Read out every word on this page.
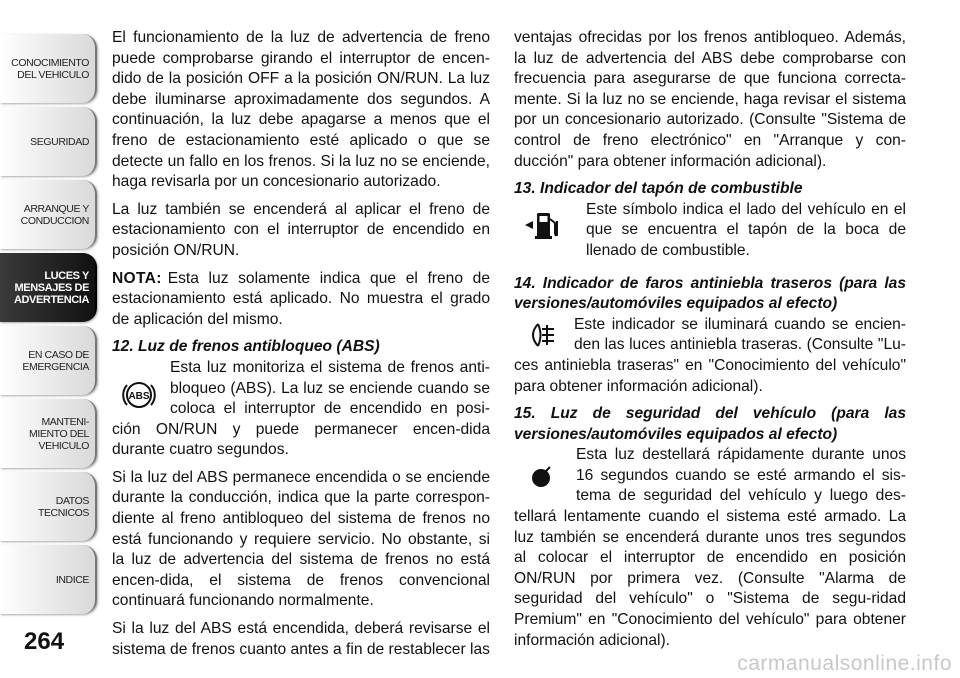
CONOCIMIENTO
DEL VEHICULO
SEGURIDAD
ARRANQUE Y
CONDUCCION
LUCES Y
MENSAJES DE
ADVERTENCIA
EN CASO DE
EMERGENCIA
MANTENI-
MIENTO DEL
VEHICULO
DATOS
TECNICOS
INDICE
264

El funcionamiento de la luz de advertencia de freno puede comprobarse girando el interruptor de encen-dido de la posición OFF a la posición ON/RUN. La luz debe iluminarse aproximadamente dos segundos. A continuación, la luz debe apagarse a menos que el freno de estacionamiento esté aplicado o que se detecte un fallo en los frenos. Si la luz no se enciende, haga revisarla por un concesionario autorizado.

La luz también se encenderá al aplicar el freno de estacionamiento con el interruptor de encendido en posición ON/RUN.

NOTA: Esta luz solamente indica que el freno de estacionamiento está aplicado. No muestra el grado de aplicación del mismo.

12. Luz de frenos antibloqueo (ABS)
ABS

Esta luz monitoriza el sistema de frenos anti-bloqueo (ABS). La luz se enciende cuando se coloca el interruptor de encendido en posi-ción ON/RUN y puede permanecer encen-dida durante cuatro segundos.

Si la luz del ABS permanece encendida o se enciende durante la conducción, indica que la parte correspon-diente al freno antibloqueo del sistema de frenos no está funcionando y requiere servicio. No obstante, si la luz de advertencia del sistema de frenos no está encen-dida, el sistema de frenos convencional continuará funcionando normalmente.

Si la luz del ABS está encendida, deberá revisarse el sistema de frenos cuanto antes a fin de restablecer las

ventajas ofrecidas por los frenos antibloqueo. Además, la luz de advertencia del ABS debe comprobarse con frecuencia para asegurarse de que funciona correcta-mente. Si la luz no se enciende, haga revisar el sistema por un concesionario autorizado. (Consulte "Sistema de control de freno electrónico" en "Arranque y con-ducción" para obtener información adicional).

13. Indicador del tapón de combustible

Este símbolo indica el lado del vehículo en el que se encuentra el tapón de la boca de llenado de combustible.

14. Indicador de faros antiniebla traseros (para las versiones/automóviles equipados al efecto)

Este indicador se iluminará cuando se encien-den las luces antiniebla traseras. (Consulte "Lu-ces antiniebla traseras" en "Conocimiento del vehículo" para obtener información adicional).

15. Luz de seguridad del vehículo (para las versiones/automóviles equipados al efecto)

Esta luz destellará rápidamente durante unos 16 segundos cuando se esté armando el sis-tema de seguridad del vehículo y luego des-tellará lentamente cuando el sistema esté armado. La luz también se encenderá durante unos tres segundos al colocar el interruptor de encendido en posición ON/RUN por primera vez. (Consulte "Alarma de seguridad del vehículo" o "Sistema de segu-ridad Premium" en "Conocimiento del vehículo" para obtener información adicional).

carmanualsonline.info
